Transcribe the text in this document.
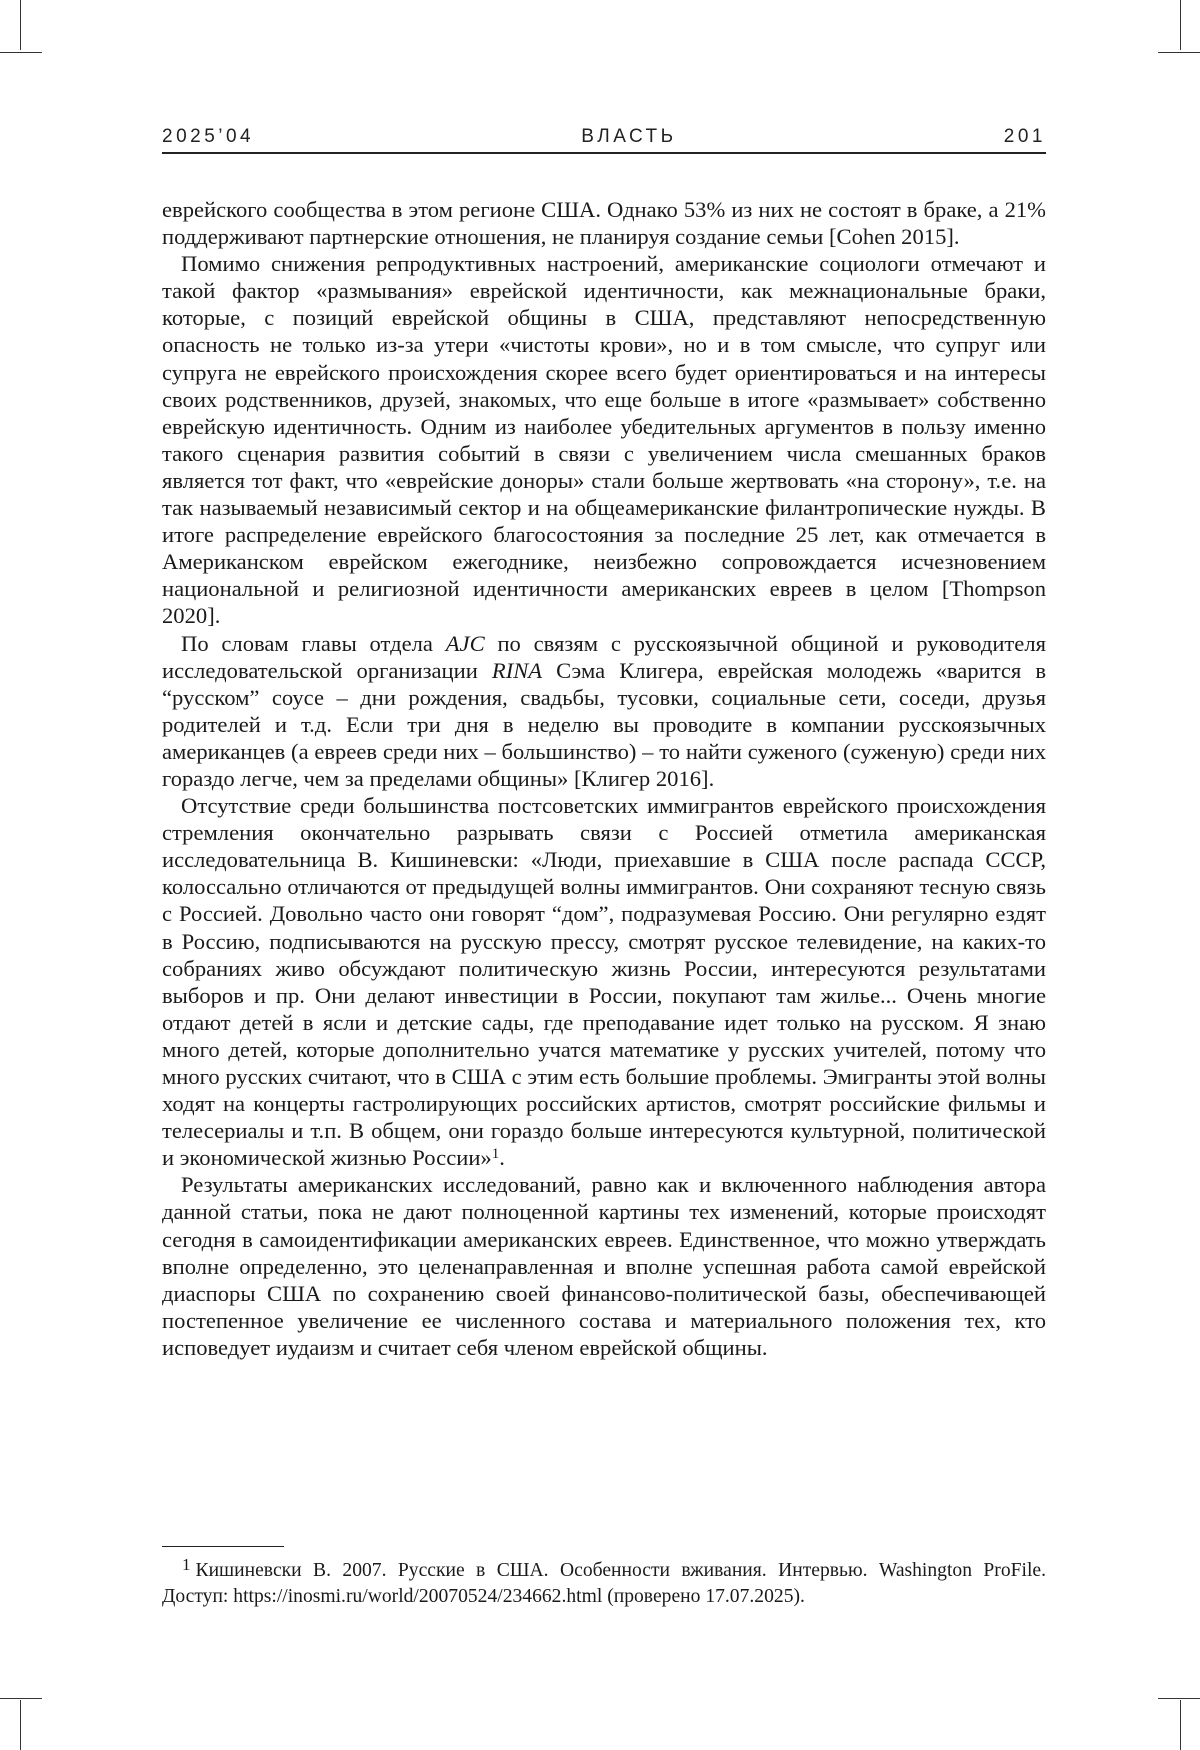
2025’04	ВЛАСТЬ	201

еврейского сообщества в этом регионе США. Однако 53% из них не состоят в браке, а 21% поддерживают партнерские отношения, не планируя создание семьи [Cohen 2015].

Помимо снижения репродуктивных настроений, американские социологи отмечают и такой фактор «размывания» еврейской идентичности, как межнациональные браки, которые, с позиций еврейской общины в США, представляют непосредственную опасность не только из-за утери «чистоты крови», но и в том смысле, что супруг или супруга не еврейского происхождения скорее всего будет ориентироваться и на интересы своих родственников, друзей, знакомых, что еще больше в итоге «размывает» собственно еврейскую идентичность. Одним из наиболее убедительных аргументов в пользу именно такого сценария развития событий в связи с увеличением числа смешанных браков является тот факт, что «еврейские доноры» стали больше жертвовать «на сторону», т.е. на так называемый независимый сектор и на общеамериканские филантропические нужды. В итоге распределение еврейского благосостояния за последние 25 лет, как отмечается в Американском еврейском ежегоднике, неизбежно сопровождается исчезновением национальной и религиозной идентичности американских евреев в целом [Thompson 2020].

По словам главы отдела AJC по связям с русскоязычной общиной и руководителя исследовательской организации RINA Сэма Клигера, еврейская молодежь «варится в “русском” соусе – дни рождения, свадьбы, тусовки, социальные сети, соседи, друзья родителей и т.д. Если три дня в неделю вы проводите в компании русскоязычных американцев (а евреев среди них – большинство) – то найти суженого (суженую) среди них гораздо легче, чем за пределами общины» [Клигер 2016].

Отсутствие среди большинства постсоветских иммигрантов еврейского происхождения стремления окончательно разрывать связи с Россией отметила американская исследовательница В. Кишиневски: «Люди, приехавшие в США после распада СССР, колоссально отличаются от предыдущей волны иммигрантов. Они сохраняют тесную связь с Россией. Довольно часто они говорят “дом”, подразумевая Россию. Они регулярно ездят в Россию, подписываются на русскую прессу, смотрят русское телевидение, на каких-то собраниях живо обсуждают политическую жизнь России, интересуются результатами выборов и пр. Они делают инвестиции в России, покупают там жилье... Очень многие отдают детей в ясли и детские сады, где преподавание идет только на русском. Я знаю много детей, которые дополнительно учатся математике у русских учителей, потому что много русских считают, что в США с этим есть большие проблемы. Эмигранты этой волны ходят на концерты гастролирующих российских артистов, смотрят российские фильмы и телесериалы и т.п. В общем, они гораздо больше интересуются культурной, политической и экономической жизнью России»$^1$.

Результаты американских исследований, равно как и включенного наблюдения автора данной статьи, пока не дают полноценной картины тех изменений, которые происходят сегодня в самоидентификации американских евреев. Единственное, что можно утверждать вполне определенно, это целенаправленная и вполне успешная работа самой еврейской диаспоры США по сохранению своей финансово-политической базы, обеспечивающей постепенное увеличение ее численного состава и материального положения тех, кто исповедует иудаизм и считает себя членом еврейской общины.

1 Кишиневски В. 2007. Русские в США. Особенности вживания. Интервью. Washington ProFile. Доступ: https://inosmi.ru/world/20070524/234662.html (проверено 17.07.2025).
